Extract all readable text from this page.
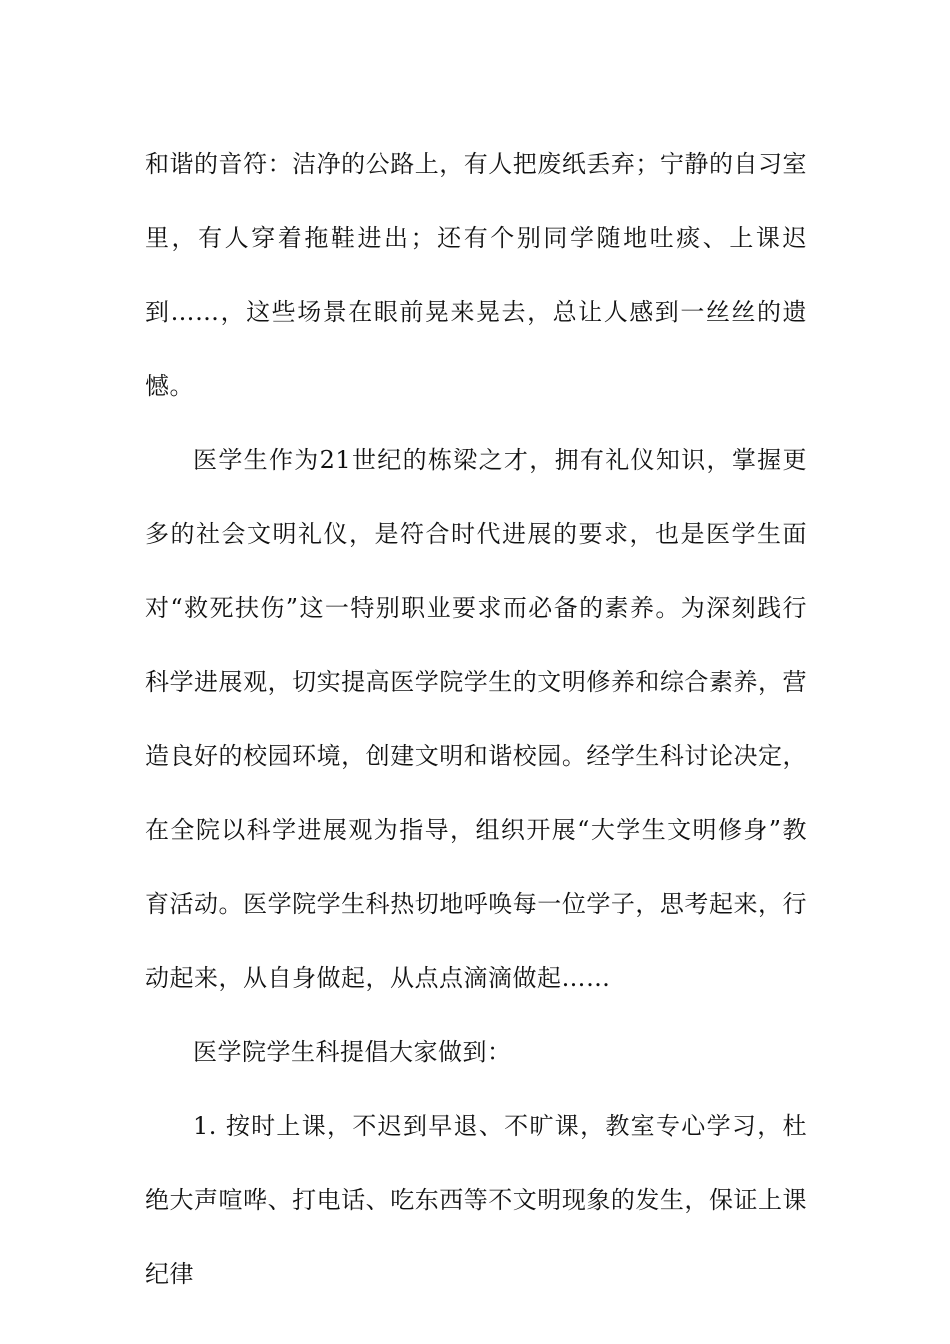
和谐的音符：洁净的公路上，有人把废纸丢弃；宁静的自习室里，有人穿着拖鞋进出；还有个别同学随地吐痰、上课迟到……，这些场景在眼前晃来晃去，总让人感到一丝丝的遗憾。

医学生作为21世纪的栋梁之才，拥有礼仪知识，掌握更多的社会文明礼仪，是符合时代进展的要求，也是医学生面对“救死扶伤”这一特别职业要求而必备的素养。为深刻践行科学进展观，切实提高医学院学生的文明修养和综合素养，营造良好的校园环境，创建文明和谐校园。经学生科讨论决定，在全院以科学进展观为指导，组织开展“大学生文明修身”教育活动。医学院学生科热切地呼唤每一位学子，思考起来，行动起来，从自身做起，从点点滴滴做起……

医学院学生科提倡大家做到：

1. 按时上课，不迟到早退、不旷课，教室专心学习，杜绝大声喧哗、打电话、吃东西等不文明现象的发生，保证上课纪律
